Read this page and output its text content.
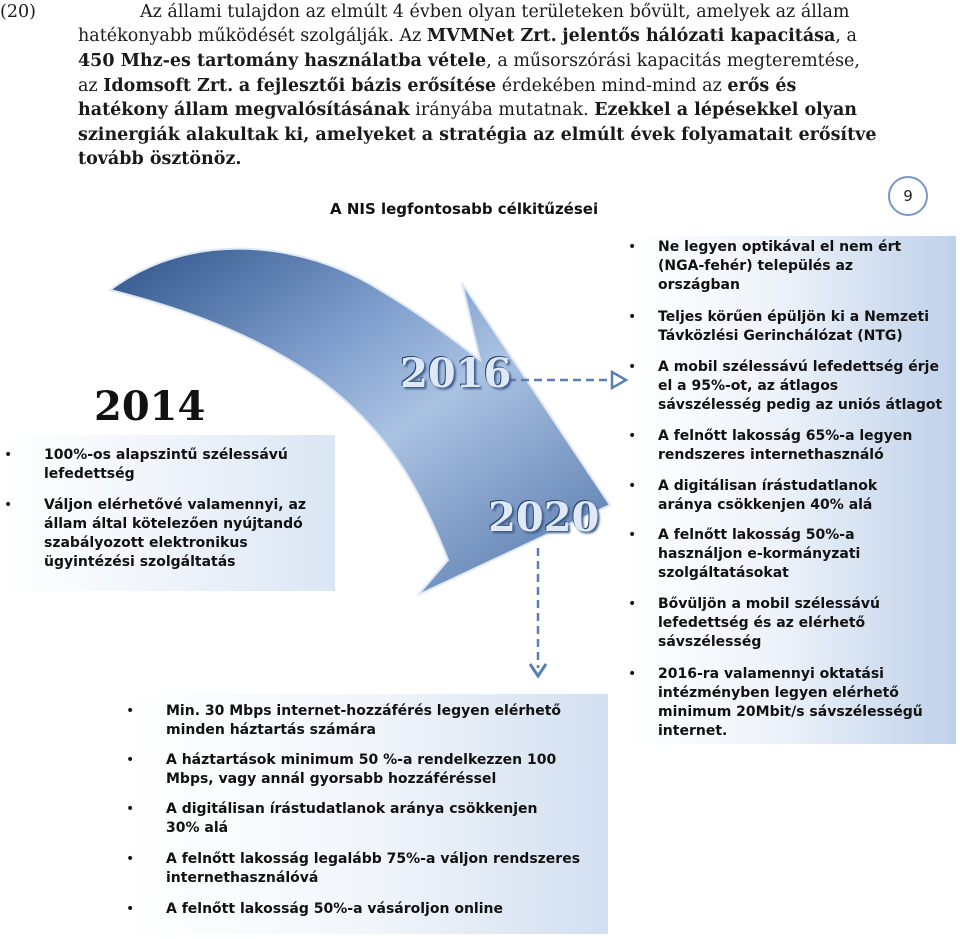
(20)	Az állami tulajdon az elmúlt 4 évben olyan területeken bővült, amelyek az állam
hatékonyabb működését szolgálják. Az MVMNet Zrt. jelentős hálózati kapacitása, a
450 Mhz-es tartomány használatba vétele, a műsorszórási kapacitás megteremtése,
az Idomsoft Zrt. a fejlesztői bázis erősítése érdekében mind-mind az erős és
hatékony állam megvalósításának irányába mutatnak. Ezekkel a lépésekkel olyan
szinergiák alakultak ki, amelyeket a stratégia az elmúlt évek folyamatait erősítve
tovább ösztönöz.
A NIS legfontosabb célkitűzései
9
2014
2016
2020
•	100%-os alapszintű szélessávú
lefedettség
•	Váljon elérhetővé valamennyi, az
állam által kötelezően nyújtandó
szabályozott elektronikus
ügyintézési szolgáltatás
•	Ne legyen optikával el nem ért
(NGA-fehér) település az
országban
•	Teljes körűen épüljön ki a Nemzeti
Távközlési Gerinchálózat (NTG)
•	A mobil szélessávú lefedettség érje
el a 95%-ot, az átlagos
sávszélesség pedig az uniós átlagot
•	A felnőtt lakosság 65%-a legyen
rendszeres internethasználó
•	A digitálisan írástudatlanok
aránya csökkenjen 40% alá
•	A felnőtt lakosság 50%-a
használjon e-kormányzati
szolgáltatásokat
•	Bővüljön a mobil szélessávú
lefedettség és az elérhető
sávszélesség
•	2016-ra valamennyi oktatási
intézményben legyen elérhető
minimum 20Mbit/s sávszélességű
internet.
•	Min. 30 Mbps internet-hozzáférés legyen elérhető
minden háztartás számára
•	A háztartások minimum 50 %-a rendelkezzen 100
Mbps, vagy annál gyorsabb hozzáféréssel
•	A digitálisan írástudatlanok aránya csökkenjen
30% alá
•	A felnőtt lakosság legalább 75%-a váljon rendszeres
internethasználóvá
•	A felnőtt lakosság 50%-a vásároljon online
